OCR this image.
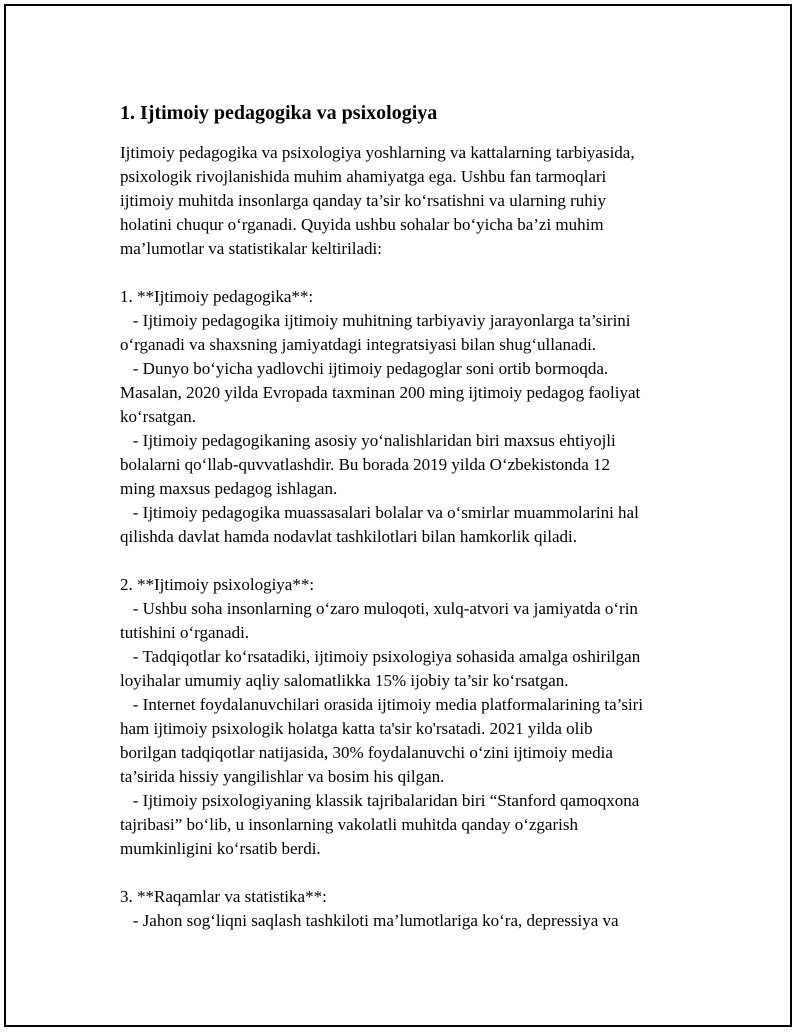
1. Ijtimoiy pedagogika va psixologiya

Ijtimoiy pedagogika va psixologiya yoshlarning va kattalarning tarbiyasida,
psixologik rivojlanishida muhim ahamiyatga ega. Ushbu fan tarmoqlari
ijtimoiy muhitda insonlarga qanday ta’sir ko‘rsatishni va ularning ruhiy
holatini chuqur o‘rganadi. Quyida ushbu sohalar bo‘yicha ba’zi muhim
ma’lumotlar va statistikalar keltiriladi:

1. **Ijtimoiy pedagogika**:
- Ijtimoiy pedagogika ijtimoiy muhitning tarbiyaviy jarayonlarga ta’sirini
o‘rganadi va shaxsning jamiyatdagi integratsiyasi bilan shug‘ullanadi.
- Dunyo bo‘yicha yadlovchi ijtimoiy pedagoglar soni ortib bormoqda.
Masalan, 2020 yilda Evropada taxminan 200 ming ijtimoiy pedagog faoliyat
ko‘rsatgan.
- Ijtimoiy pedagogikaning asosiy yo‘nalishlaridan biri maxsus ehtiyojli
bolalarni qo‘llab-quvvatlashdir. Bu borada 2019 yilda O‘zbekistonda 12
ming maxsus pedagog ishlagan.
- Ijtimoiy pedagogika muassasalari bolalar va o‘smirlar muammolarini hal
qilishda davlat hamda nodavlat tashkilotlari bilan hamkorlik qiladi.

2. **Ijtimoiy psixologiya**:
- Ushbu soha insonlarning o‘zaro muloqoti, xulq-atvori va jamiyatda o‘rin
tutishini o‘rganadi.
- Tadqiqotlar ko‘rsatadiki, ijtimoiy psixologiya sohasida amalga oshirilgan
loyihalar umumiy aqliy salomatlikka 15% ijobiy ta’sir ko‘rsatgan.
- Internet foydalanuvchilari orasida ijtimoiy media platformalarining ta’siri
ham ijtimoiy psixologik holatga katta ta'sir ko'rsatadi. 2021 yilda olib
borilgan tadqiqotlar natijasida, 30% foydalanuvchi o‘zini ijtimoiy media
ta’sirida hissiy yangilishlar va bosim his qilgan.
- Ijtimoiy psixologiyaning klassik tajribalaridan biri “Stanford qamoqxona
tajribasi” bo‘lib, u insonlarning vakolatli muhitda qanday o‘zgarish
mumkinligini ko‘rsatib berdi.

3. **Raqamlar va statistika**:
- Jahon sog‘liqni saqlash tashkiloti ma’lumotlariga ko‘ra, depressiya va
